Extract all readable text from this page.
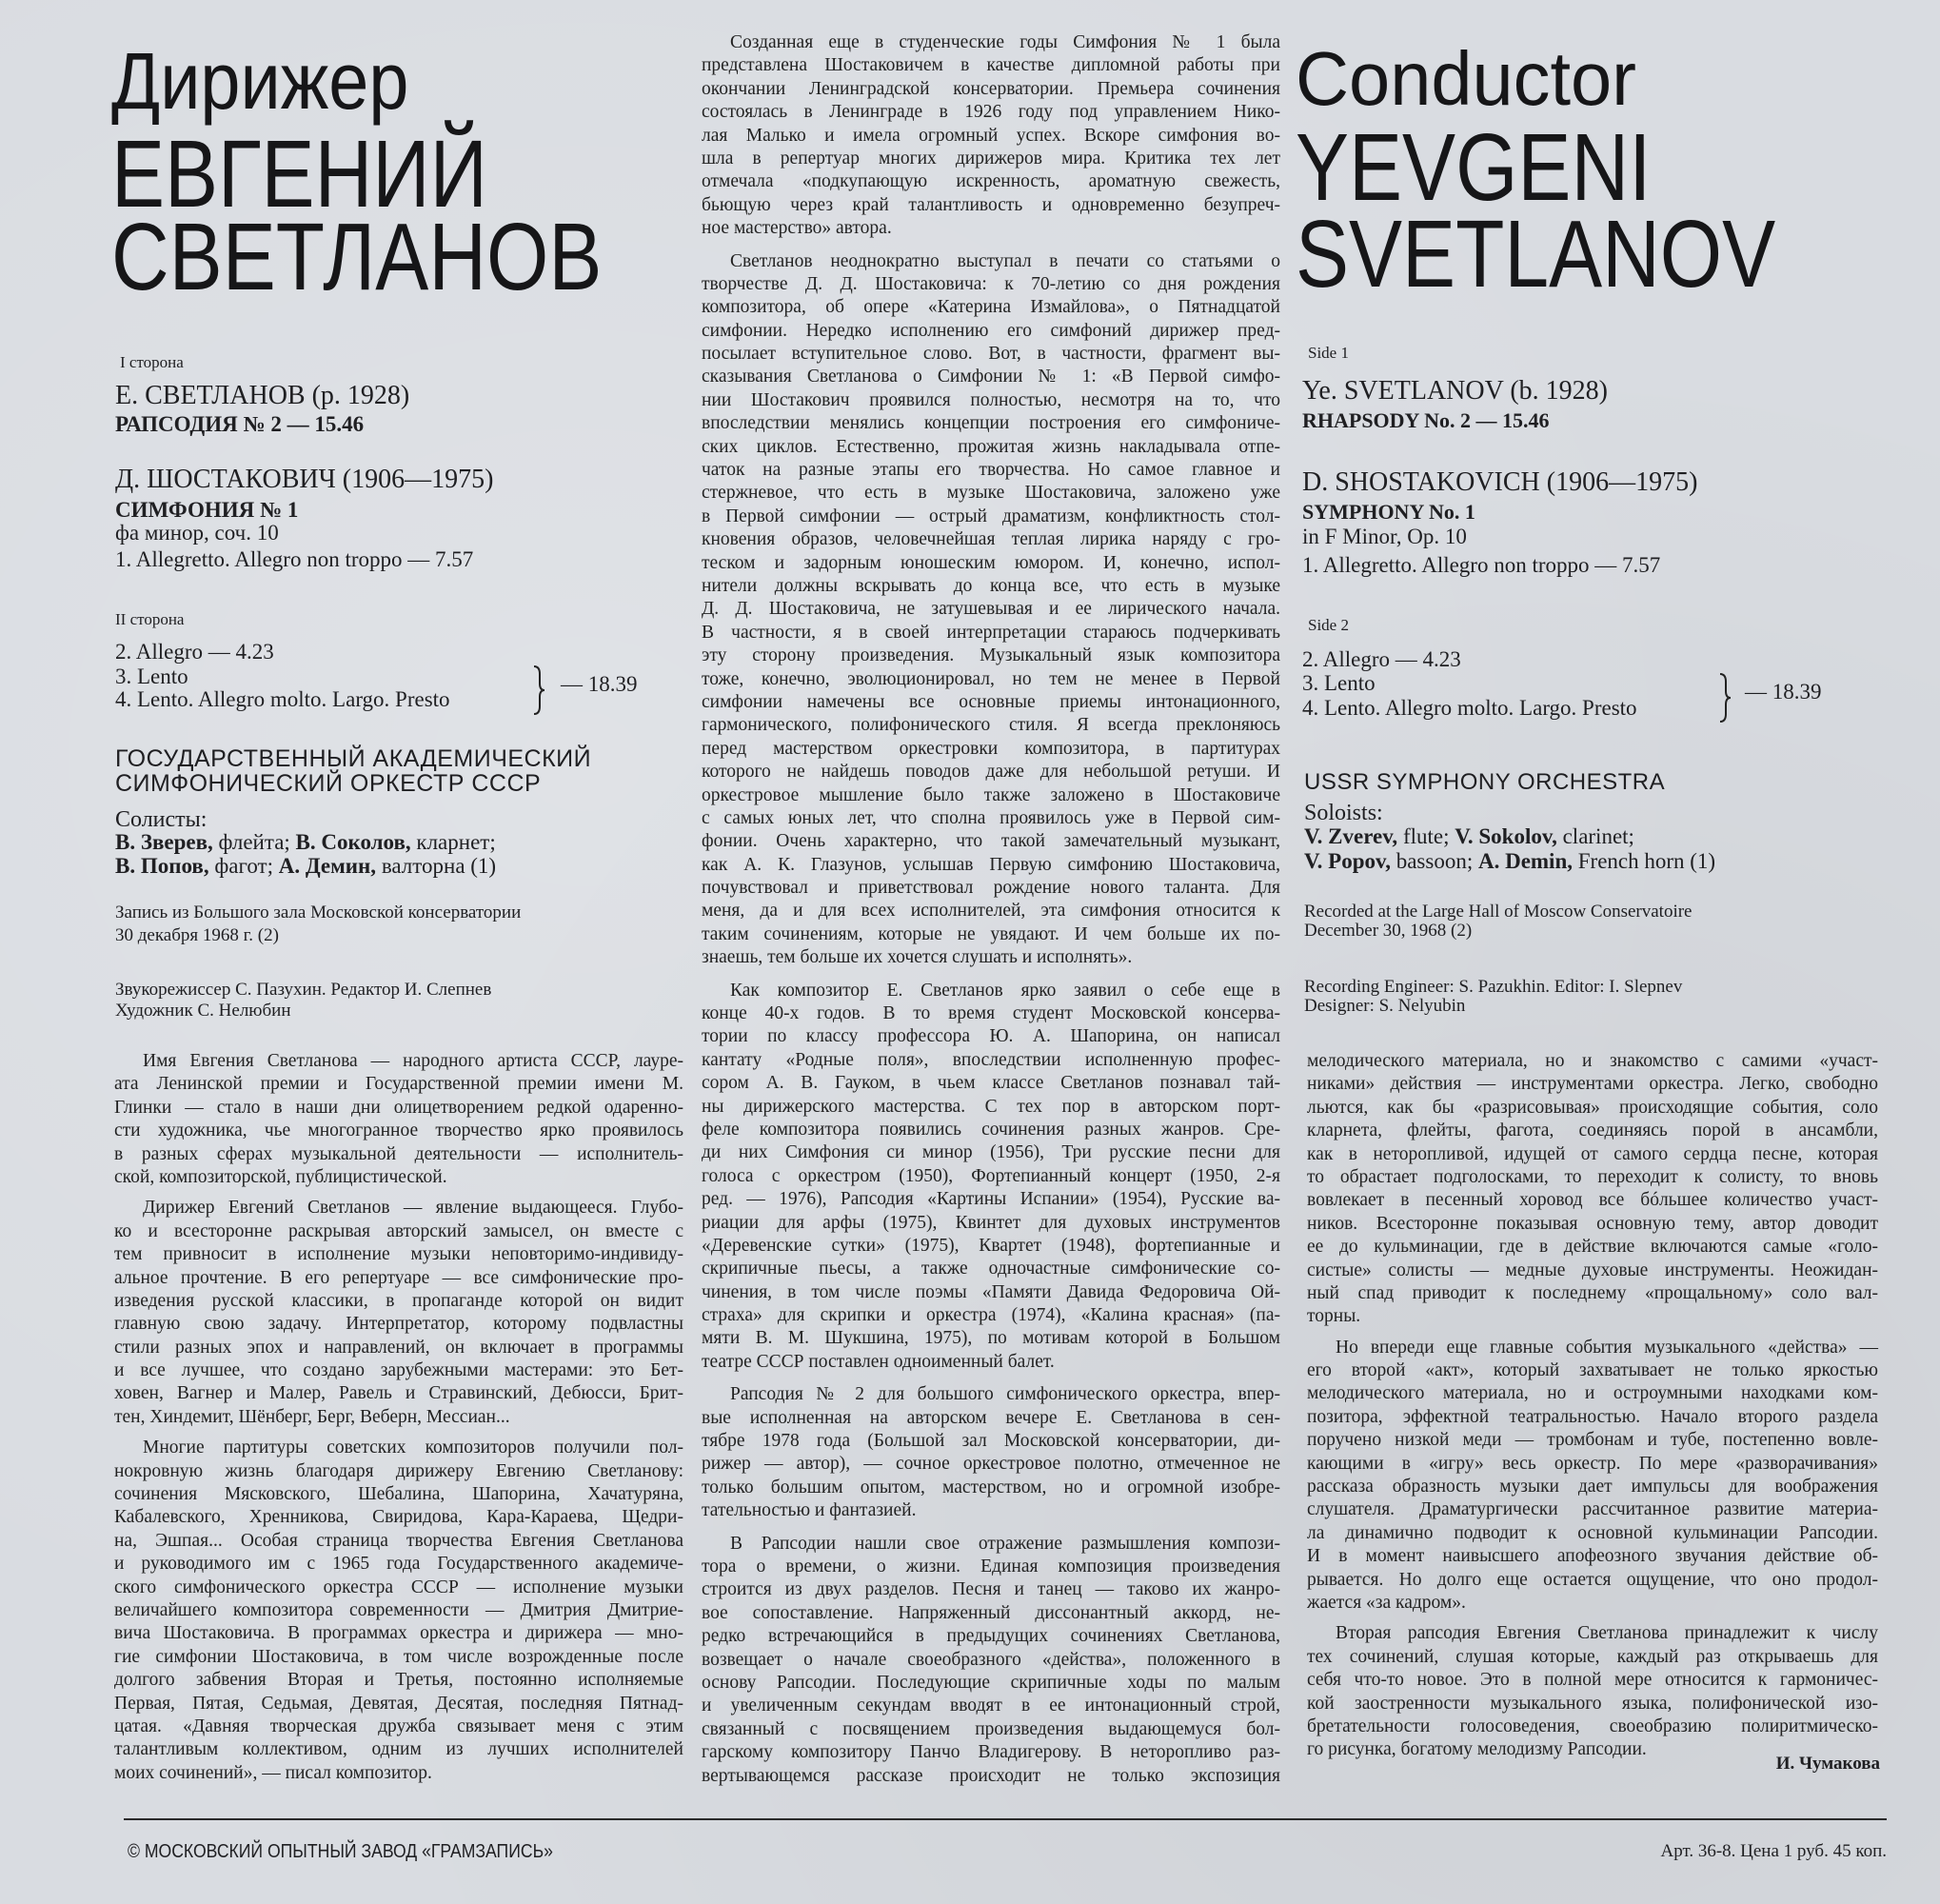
Дирижер
ЕВГЕНИЙ
СВЕТЛАНОВ
Conductor
YEVGENI
SVETLANOV
I сторона
Е. СВЕТЛАНОВ (р. 1928)
РАПСОДИЯ № 2 — 15.46
Д. ШОСТАКОВИЧ (1906—1975)
СИМФОНИЯ № 1
фа минор, соч. 10
1. Allegretto. Allegro non troppo — 7.57
II сторона
2. Allegro — 4.23
3. Lento
4. Lento. Allegro molto. Largo. Presto
— 18.39
ГОСУДАРСТВЕННЫЙ АКАДЕМИЧЕСКИЙ
СИМФОНИЧЕСКИЙ ОРКЕСТР СССР
Солисты:
В. Зверев, флейта; В. Соколов, кларнет;
В. Попов, фагот; А. Демин, валторна (1)
Запись из Большого зала Московской консерватории
30 декабря 1968 г. (2)
Звукорежиссер С. Пазухин. Редактор И. Слепнев
Художник С. Нелюбин
Side 1
Ye. SVETLANOV (b. 1928)
RHAPSODY No. 2 — 15.46
D. SHOSTAKOVICH (1906—1975)
SYMPHONY No. 1
in F Minor, Op. 10
1. Allegretto. Allegro non troppo — 7.57
Side 2
2. Allegro — 4.23
3. Lento
4. Lento. Allegro molto. Largo. Presto
— 18.39
USSR SYMPHONY ORCHESTRA
Soloists:
V. Zverev, flute; V. Sokolov, clarinet;
V. Popov, bassoon; A. Demin, French horn (1)
Recorded at the Large Hall of Moscow Conservatoire
December 30, 1968 (2)
Recording Engineer: S. Pazukhin. Editor: I. Slepnev
Designer: S. Nelyubin
Имя Евгения Светланова — народного артиста СССР, лауре-
ата Ленинской премии и Государственной премии имени М.
Глинки — стало в наши дни олицетворением редкой одаренно-
сти художника, чье многогранное творчество ярко проявилось
в разных сферах музыкальной деятельности — исполнитель-
ской, композиторской, публицистической.
Дирижер Евгений Светланов — явление выдающееся. Глубо-
ко и всесторонне раскрывая авторский замысел, он вместе с
тем привносит в исполнение музыки неповторимо-индивиду-
альное прочтение. В его репертуаре — все симфонические про-
изведения русской классики, в пропаганде которой он видит
главную свою задачу. Интерпретатор, которому подвластны
стили разных эпох и направлений, он включает в программы
и все лучшее, что создано зарубежными мастерами: это Бет-
ховен, Вагнер и Малер, Равель и Стравинский, Дебюсси, Брит-
тен, Хиндемит, Шёнберг, Берг, Веберн, Мессиан...
Многие партитуры советских композиторов получили пол-
нокровную жизнь благодаря дирижеру Евгению Светланову:
сочинения Мясковского, Шебалина, Шапорина, Хачатуряна,
Кабалевского, Хренникова, Свиридова, Кара-Караева, Щедри-
на, Эшпая... Особая страница творчества Евгения Светланова
и руководимого им с 1965 года Государственного академиче-
ского симфонического оркестра СССР — исполнение музыки
величайшего композитора современности — Дмитрия Дмитрие-
вича Шостаковича. В программах оркестра и дирижера — мно-
гие симфонии Шостаковича, в том числе возрожденные после
долгого забвения Вторая и Третья, постоянно исполняемые
Первая, Пятая, Седьмая, Девятая, Десятая, последняя Пятнад-
цатая. «Давняя творческая дружба связывает меня с этим
талантливым коллективом, одним из лучших исполнителей
моих сочинений», — писал композитор.
Созданная еще в студенческие годы Симфония № 1 была
представлена Шостаковичем в качестве дипломной работы при
окончании Ленинградской консерватории. Премьера сочинения
состоялась в Ленинграде в 1926 году под управлением Нико-
лая Малько и имела огромный успех. Вскоре симфония во-
шла в репертуар многих дирижеров мира. Критика тех лет
отмечала «подкупающую искренность, ароматную свежесть,
бьющую через край талантливость и одновременно безупреч-
ное мастерство» автора.
Светланов неоднократно выступал в печати со статьями о
творчестве Д. Д. Шостаковича: к 70-летию со дня рождения
композитора, об опере «Катерина Измайлова», о Пятнадцатой
симфонии. Нередко исполнению его симфоний дирижер пред-
посылает вступительное слово. Вот, в частности, фрагмент вы-
сказывания Светланова о Симфонии № 1: «В Первой симфо-
нии Шостакович проявился полностью, несмотря на то, что
впоследствии менялись концепции построения его симфониче-
ских циклов. Естественно, прожитая жизнь накладывала отпе-
чаток на разные этапы его творчества. Но самое главное и
стержневое, что есть в музыке Шостаковича, заложено уже
в Первой симфонии — острый драматизм, конфликтность стол-
кновения образов, человечнейшая теплая лирика наряду с гро-
теском и задорным юношеским юмором. И, конечно, испол-
нители должны вскрывать до конца все, что есть в музыке
Д. Д. Шостаковича, не затушевывая и ее лирического начала.
В частности, я в своей интерпретации стараюсь подчеркивать
эту сторону произведения. Музыкальный язык композитора
тоже, конечно, эволюционировал, но тем не менее в Первой
симфонии намечены все основные приемы интонационного,
гармонического, полифонического стиля. Я всегда преклоняюсь
перед мастерством оркестровки композитора, в партитурах
которого не найдешь поводов даже для небольшой ретуши. И
оркестровое мышление было также заложено в Шостаковиче
с самых юных лет, что сполна проявилось уже в Первой сим-
фонии. Очень характерно, что такой замечательный музыкант,
как А. К. Глазунов, услышав Первую симфонию Шостаковича,
почувствовал и приветствовал рождение нового таланта. Для
меня, да и для всех исполнителей, эта симфония относится к
таким сочинениям, которые не увядают. И чем больше их по-
знаешь, тем больше их хочется слушать и исполнять».
Как композитор Е. Светланов ярко заявил о себе еще в
конце 40-х годов. В то время студент Московской консерва-
тории по классу профессора Ю. А. Шапорина, он написал
кантату «Родные поля», впоследствии исполненную профес-
сором А. В. Гауком, в чьем классе Светланов познавал тай-
ны дирижерского мастерства. С тех пор в авторском порт-
феле композитора появились сочинения разных жанров. Сре-
ди них Симфония си минор (1956), Три русские песни для
голоса с оркестром (1950), Фортепианный концерт (1950, 2-я
ред. — 1976), Рапсодия «Картины Испании» (1954), Русские ва-
риации для арфы (1975), Квинтет для духовых инструментов
«Деревенские сутки» (1975), Квартет (1948), фортепианные и
скрипичные пьесы, а также одночастные симфонические со-
чинения, в том числе поэмы «Памяти Давида Федоровича Ой-
страха» для скрипки и оркестра (1974), «Калина красная» (па-
мяти В. М. Шукшина, 1975), по мотивам которой в Большом
театре СССР поставлен одноименный балет.
Рапсодия № 2 для большого симфонического оркестра, впер-
вые исполненная на авторском вечере Е. Светланова в сен-
тябре 1978 года (Большой зал Московской консерватории, ди-
рижер — автор), — сочное оркестровое полотно, отмеченное не
только большим опытом, мастерством, но и огромной изобре-
тательностью и фантазией.
В Рапсодии нашли свое отражение размышления компози-
тора о времени, о жизни. Единая композиция произведения
строится из двух разделов. Песня и танец — таково их жанро-
вое сопоставление. Напряженный диссонантный аккорд, не-
редко встречающийся в предыдущих сочинениях Светланова,
возвещает о начале своеобразного «действа», положенного в
основу Рапсодии. Последующие скрипичные ходы по малым
и увеличенным секундам вводят в ее интонационный строй,
связанный с посвящением произведения выдающемуся бол-
гарскому композитору Панчо Владигерову. В неторопливо раз-
вертывающемся рассказе происходит не только экспозиция
мелодического материала, но и знакомство с самими «участ-
никами» действия — инструментами оркестра. Легко, свободно
льются, как бы «разрисовывая» происходящие события, соло
кларнета, флейты, фагота, соединяясь порой в ансамбли,
как в неторопливой, идущей от самого сердца песне, которая
то обрастает подголосками, то переходит к солисту, то вновь
вовлекает в песенный хоровод все бóльшее количество участ-
ников. Всесторонне показывая основную тему, автор доводит
ее до кульминации, где в действие включаются самые «голо-
систые» солисты — медные духовые инструменты. Неожидан-
ный спад приводит к последнему «прощальному» соло вал-
торны.
Но впереди еще главные события музыкального «действа» —
его второй «акт», который захватывает не только яркостью
мелодического материала, но и остроумными находками ком-
позитора, эффектной театральностью. Начало второго раздела
поручено низкой меди — тромбонам и тубе, постепенно вовле-
кающими в «игру» весь оркестр. По мере «разворачивания»
рассказа образность музыки дает импульсы для воображения
слушателя. Драматургически рассчитанное развитие материа-
ла динамично подводит к основной кульминации Рапсодии.
И в момент наивысшего апофеозного звучания действие об-
рывается. Но долго еще остается ощущение, что оно продол-
жается «за кадром».
Вторая рапсодия Евгения Светланова принадлежит к числу
тех сочинений, слушая которые, каждый раз открываешь для
себя что-то новое. Это в полной мере относится к гармоничес-
кой заостренности музыкального языка, полифонической изо-
бретательности голосоведения, своеобразию полиритмическо-
го рисунка, богатому мелодизму Рапсодии.
И. Чумакова
© МОСКОВСКИЙ ОПЫТНЫЙ ЗАВОД «ГРАМЗАПИСЬ»	Арт. 36-8. Цена 1 руб. 45 коп.
